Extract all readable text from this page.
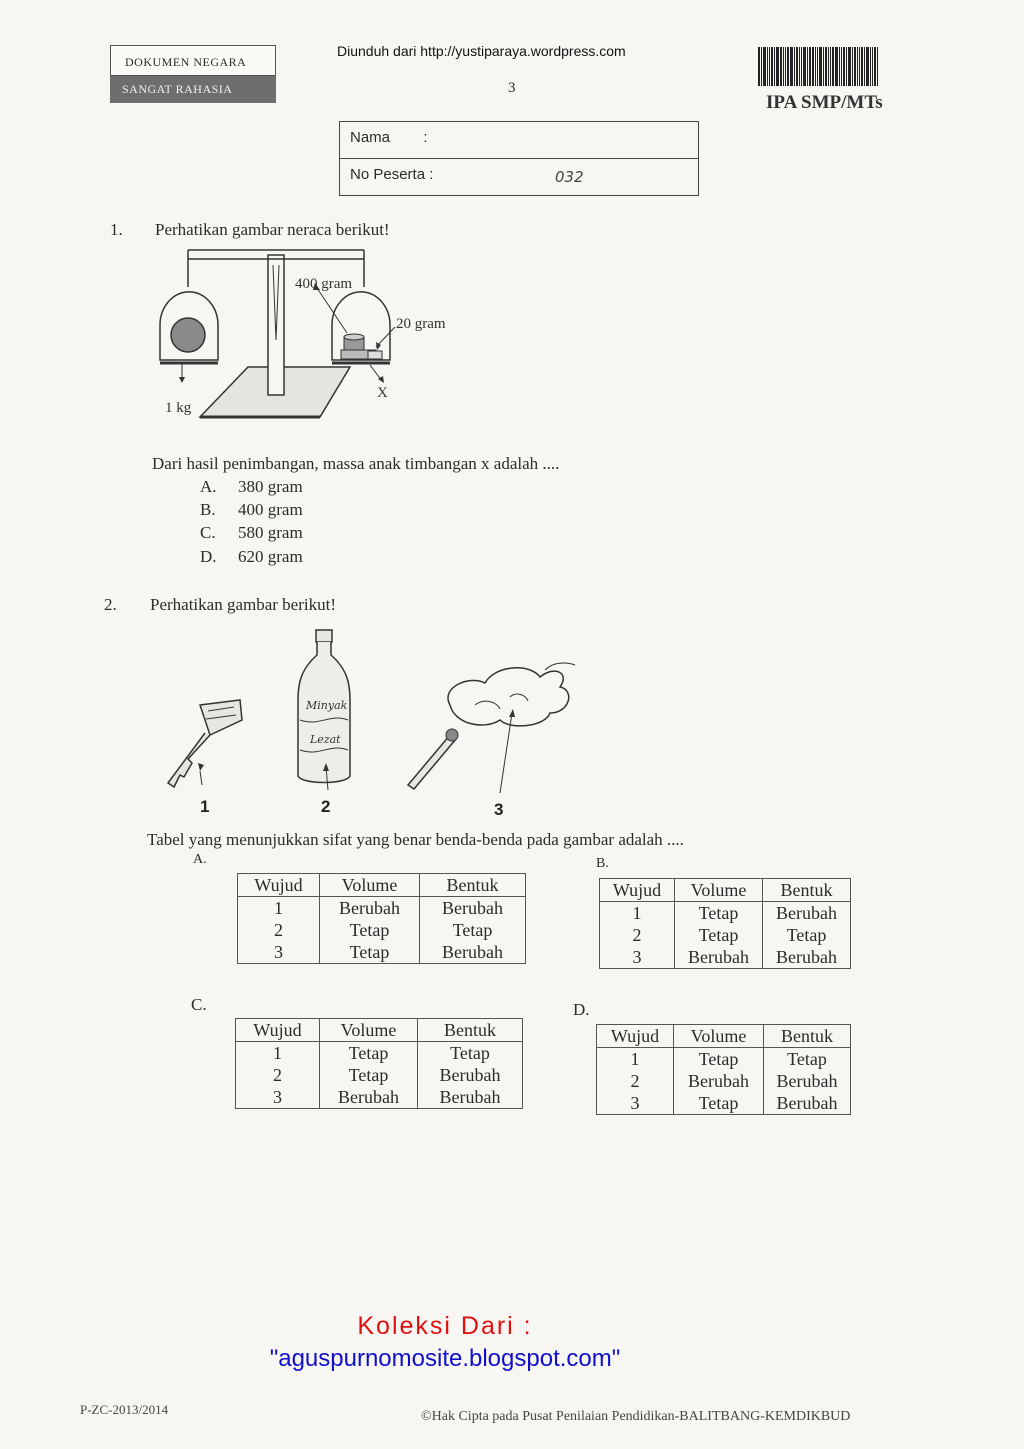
DOKUMEN NEGARA
SANGAT RAHASIA
Diunduh dari http://yustiparaya.wordpress.com
3
IPA SMP/MTs
Nama        :
No Peserta :	032
1. Perhatikan gambar neraca berikut!
400 gram
20 gram
X
1 kg
Dari hasil penimbangan, massa anak timbangan x adalah ....
A. 380 gram
B. 400 gram
C. 580 gram
D. 620 gram
2. Perhatikan gambar berikut!
Minyak
Lezat
1	2	3
Tabel yang menunjukkan sifat yang benar benda-benda pada gambar adalah ....
A.
Wujud	Volume	Bentuk
1	Berubah	Berubah
2	Tetap	Tetap
3	Tetap	Berubah
B.
Wujud	Volume	Bentuk
1	Tetap	Berubah
2	Tetap	Tetap
3	Berubah	Berubah
C.
Wujud	Volume	Bentuk
1	Tetap	Tetap
2	Tetap	Berubah
3	Berubah	Berubah
D.
Wujud	Volume	Bentuk
1	Tetap	Tetap
2	Berubah	Berubah
3	Tetap	Berubah
Koleksi Dari :
"aguspurnomosite.blogspot.com"
P-ZC-2013/2014	©Hak Cipta pada Pusat Penilaian Pendidikan-BALITBANG-KEMDIKBUD
